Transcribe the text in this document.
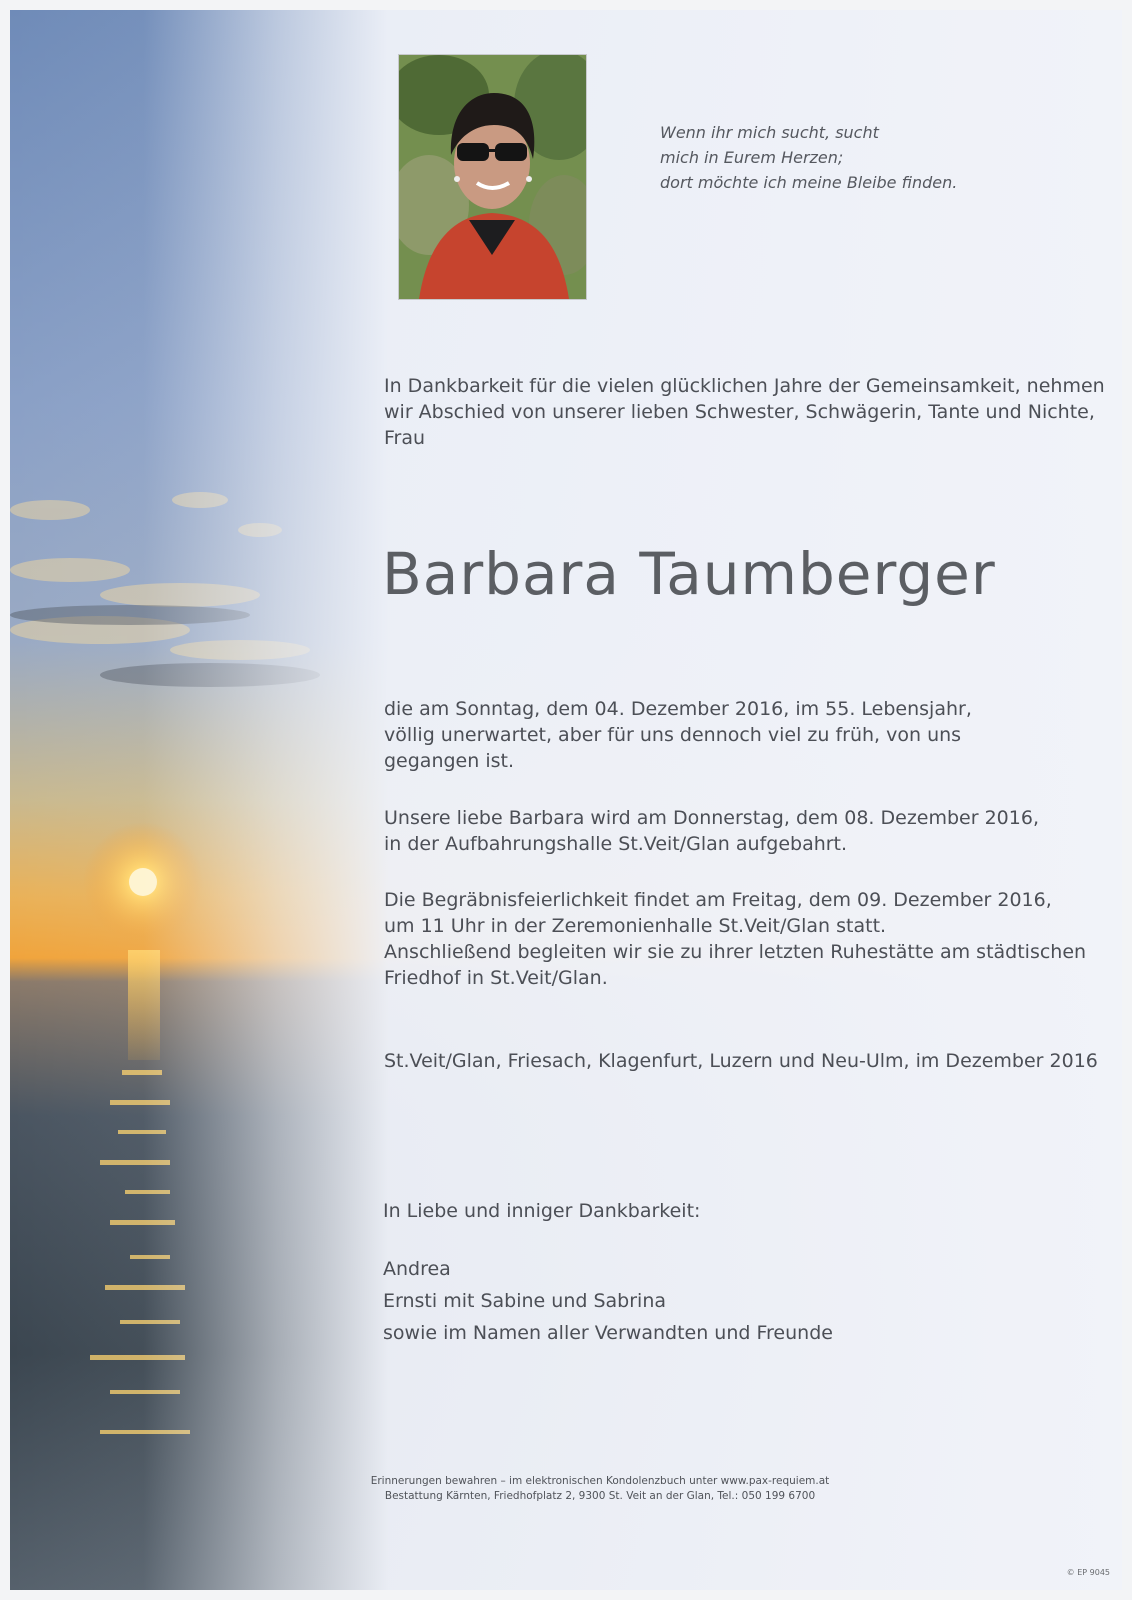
Wenn ihr mich sucht, sucht
mich in Eurem Herzen;
dort möchte ich meine Bleibe finden.
In Dankbarkeit für die vielen glücklichen Jahre der Gemeinsamkeit, nehmen
wir Abschied von unserer lieben Schwester, Schwägerin, Tante und Nichte,
Frau
Barbara Taumberger
die am Sonntag, dem 04. Dezember 2016, im 55. Lebensjahr,
völlig unerwartet, aber für uns dennoch viel zu früh, von uns
gegangen ist.
Unsere liebe Barbara wird am Donnerstag, dem 08. Dezember 2016,
in der Aufbahrungshalle St.Veit/Glan aufgebahrt.
Die Begräbnisfeierlichkeit findet am Freitag, dem 09. Dezember 2016,
um 11 Uhr in der Zeremonienhalle St.Veit/Glan statt.
Anschließend begleiten wir sie zu ihrer letzten Ruhestätte am städtischen
Friedhof in St.Veit/Glan.
St.Veit/Glan, Friesach, Klagenfurt, Luzern und Neu-Ulm, im Dezember 2016
In Liebe und inniger Dankbarkeit:
Andrea
Ernsti mit Sabine und Sabrina
sowie im Namen aller Verwandten und Freunde
Erinnerungen bewahren – im elektronischen Kondolenzbuch unter www.pax-requiem.at
Bestattung Kärnten, Friedhofplatz 2, 9300 St. Veit an der Glan, Tel.: 050 199 6700
© EP 9045
